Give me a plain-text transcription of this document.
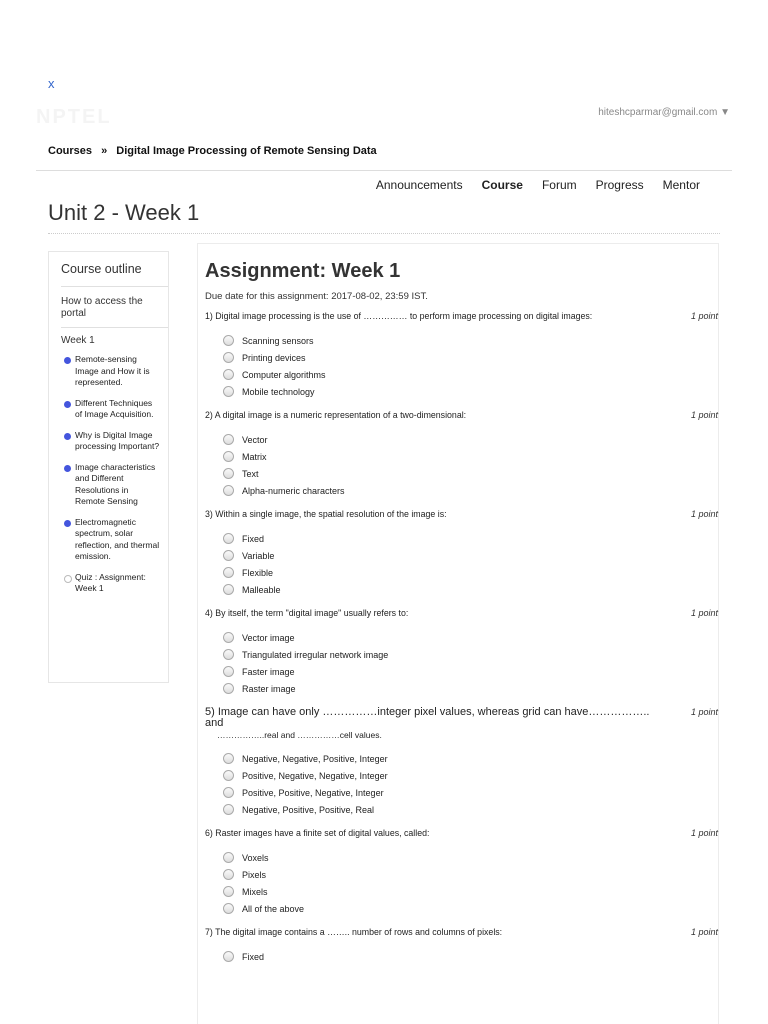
x
NPTEL	hiteshcparmar@gmail.com ▼
Courses » Digital Image Processing of Remote Sensing Data
Announcements Course Forum Progress Mentor
Unit 2 - Week 1
Course outline
How to access the portal
Week 1
Remote-sensing Image and How it is represented.
Different Techniques of Image Acquisition.
Why is Digital Image processing Important?
Image characteristics and Different Resolutions in Remote Sensing
Electromagnetic spectrum, solar reflection, and thermal emission.
Quiz : Assignment: Week 1
Assignment: Week 1
Due date for this assignment: 2017-08-02, 23:59 IST.
1) Digital image processing is the use of …………… to perform image processing on digital images:	1 point
Scanning sensors
Printing devices
Computer algorithms
Mobile technology
2) A digital image is a numeric representation of a two-dimensional:	1 point
Vector
Matrix
Text
Alpha-numeric characters
3) Within a single image, the spatial resolution of the image is:	1 point
Fixed
Variable
Flexible
Malleable
4) By itself, the term "digital image" usually refers to:	1 point
Vector image
Triangulated irregular network image
Faster image
Raster image
5) Image can have only ……………integer pixel values, whereas grid can have…………….. and
……………..real and ……………cell values.
1 point
Negative, Negative, Positive, Integer
Positive, Negative, Negative, Integer
Positive, Positive, Negative, Integer
Negative, Positive, Positive, Real
6) Raster images have a finite set of digital values, called:	1 point
Voxels
Pixels
Mixels
All of the above
7) The digital image contains a …….. number of rows and columns of pixels:	1 point
Fixed
